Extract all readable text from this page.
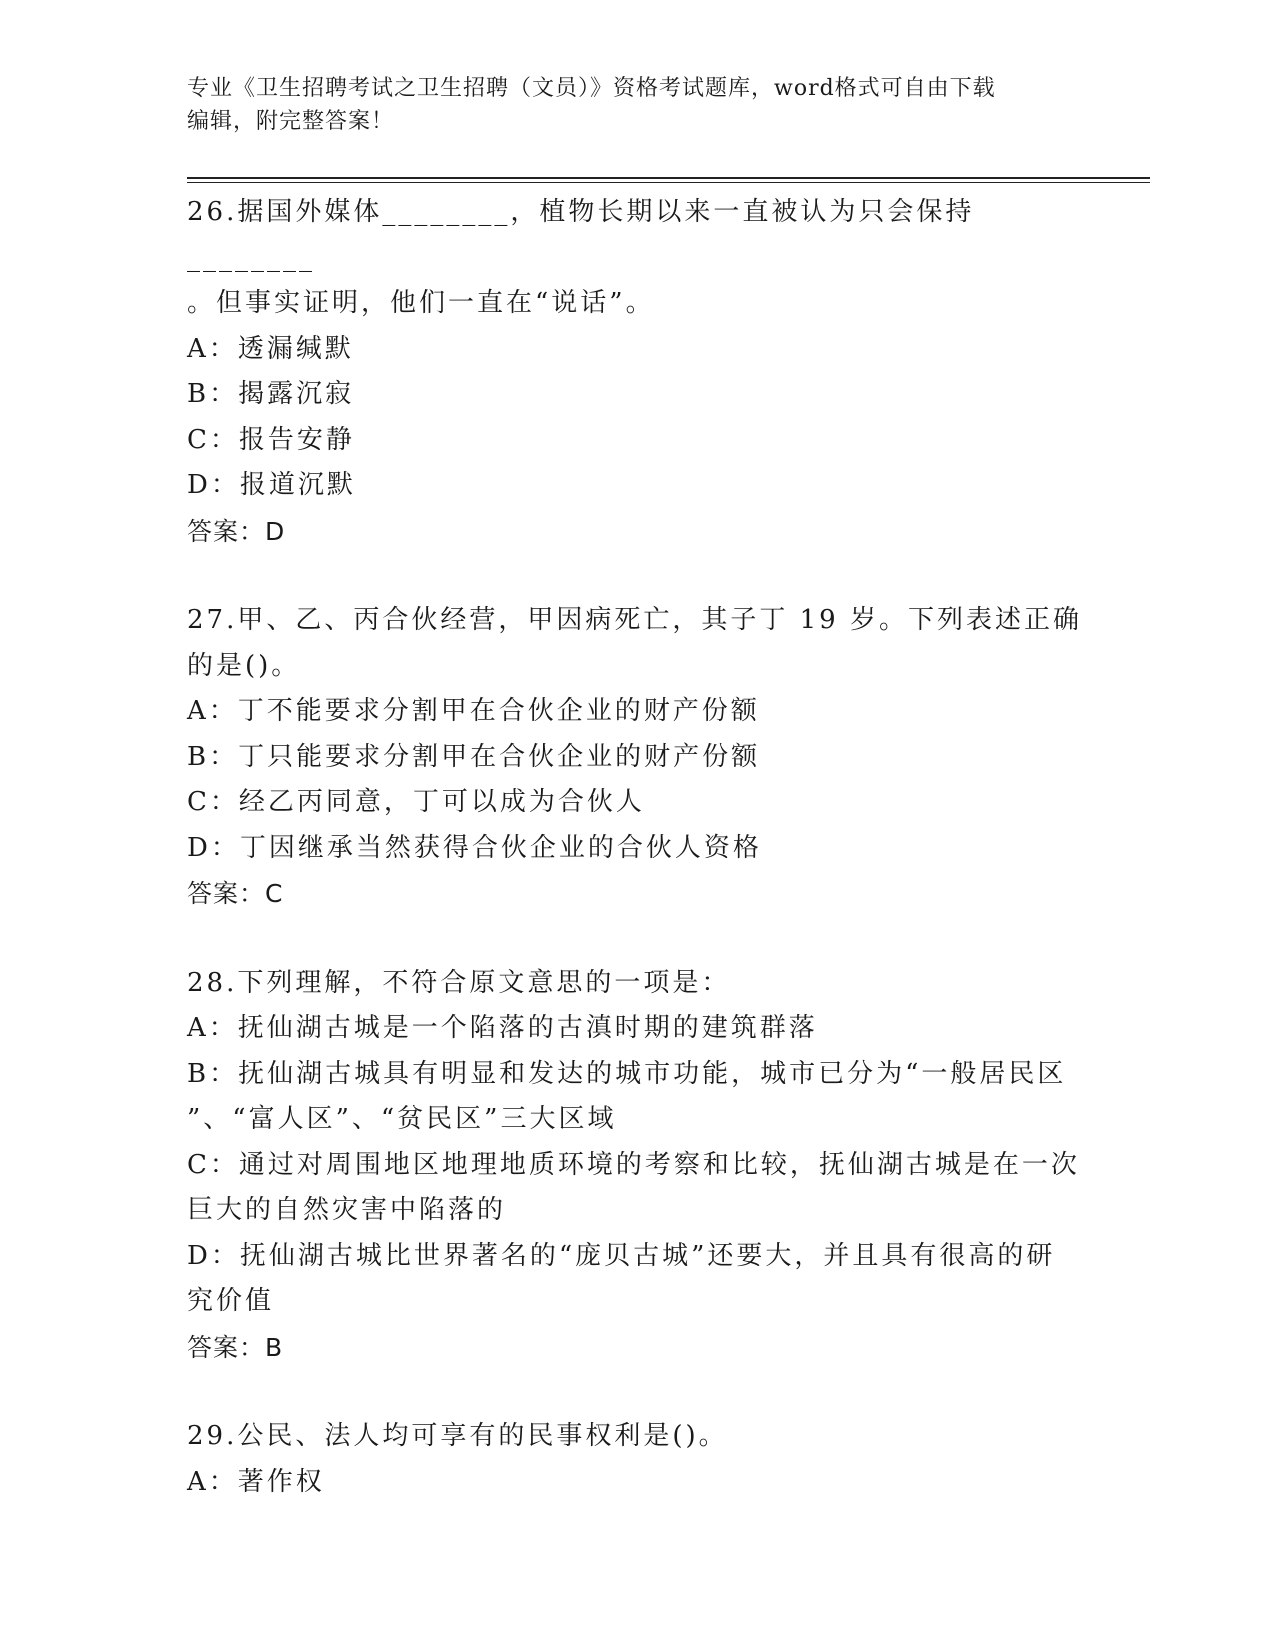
专业《卫生招聘考试之卫生招聘（文员）》资格考试题库，word格式可自由下载
编辑，附完整答案！
26.据国外媒体________，植物长期以来一直被认为只会保持________
。但事实证明，他们一直在“说话”。
A：透漏缄默
B：揭露沉寂
C：报告安静
D：报道沉默
答案：D
27.甲、乙、丙合伙经营，甲因病死亡，其子丁 19 岁。下列表述正确
的是()。
A：丁不能要求分割甲在合伙企业的财产份额
B：丁只能要求分割甲在合伙企业的财产份额
C：经乙丙同意，丁可以成为合伙人
D：丁因继承当然获得合伙企业的合伙人资格
答案：C
28.下列理解，不符合原文意思的一项是：
A：抚仙湖古城是一个陷落的古滇时期的建筑群落
B：抚仙湖古城具有明显和发达的城市功能，城市已分为“一般居民区
”、“富人区”、“贫民区”三大区域
C：通过对周围地区地理地质环境的考察和比较，抚仙湖古城是在一次
巨大的自然灾害中陷落的
D：抚仙湖古城比世界著名的“庞贝古城”还要大，并且具有很高的研
究价值
答案：B
29.公民、法人均可享有的民事权利是()。
A：著作权
